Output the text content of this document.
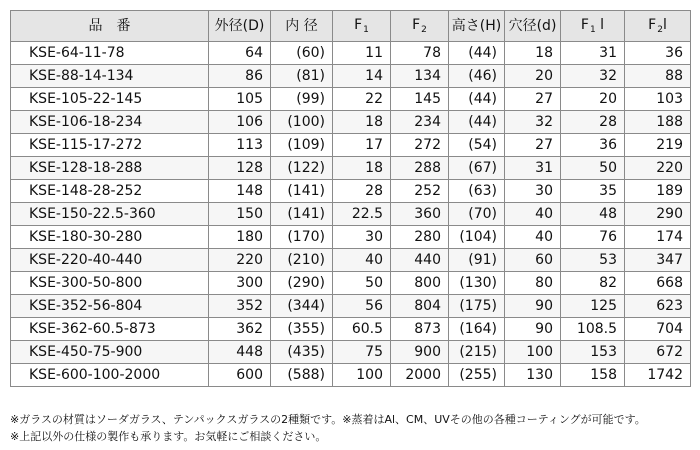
品　番	外径(D)	内 径	$F_1$	$F_2$	高さ(H)	穴径(d)	$F_1$ l	$F_2l$
KSE-64-11-78	64	(60)	11	78	(44)	18	31	36
KSE-88-14-134	86	(81)	14	134	(46)	20	32	88
KSE-105-22-145	105	(99)	22	145	(44)	27	20	103
KSE-106-18-234	106	(100)	18	234	(44)	32	28	188
KSE-115-17-272	113	(109)	17	272	(54)	27	36	219
KSE-128-18-288	128	(122)	18	288	(67)	31	50	220
KSE-148-28-252	148	(141)	28	252	(63)	30	35	189
KSE-150-22.5-360	150	(141)	22.5	360	(70)	40	48	290
KSE-180-30-280	180	(170)	30	280	(104)	40	76	174
KSE-220-40-440	220	(210)	40	440	(91)	60	53	347
KSE-300-50-800	300	(290)	50	800	(130)	80	82	668
KSE-352-56-804	352	(344)	56	804	(175)	90	125	623
KSE-362-60.5-873	362	(355)	60.5	873	(164)	90	108.5	704
KSE-450-75-900	448	(435)	75	900	(215)	100	153	672
KSE-600-100-2000	600	(588)	100	2000	(255)	130	158	1742
※ガラスの材質はソーダガラス、テンパックスガラスの2種類です。※蒸着はAl、CM、UVその他の各種コーティングが可能です。
※上記以外の仕様の製作も承ります。お気軽にご相談ください。
